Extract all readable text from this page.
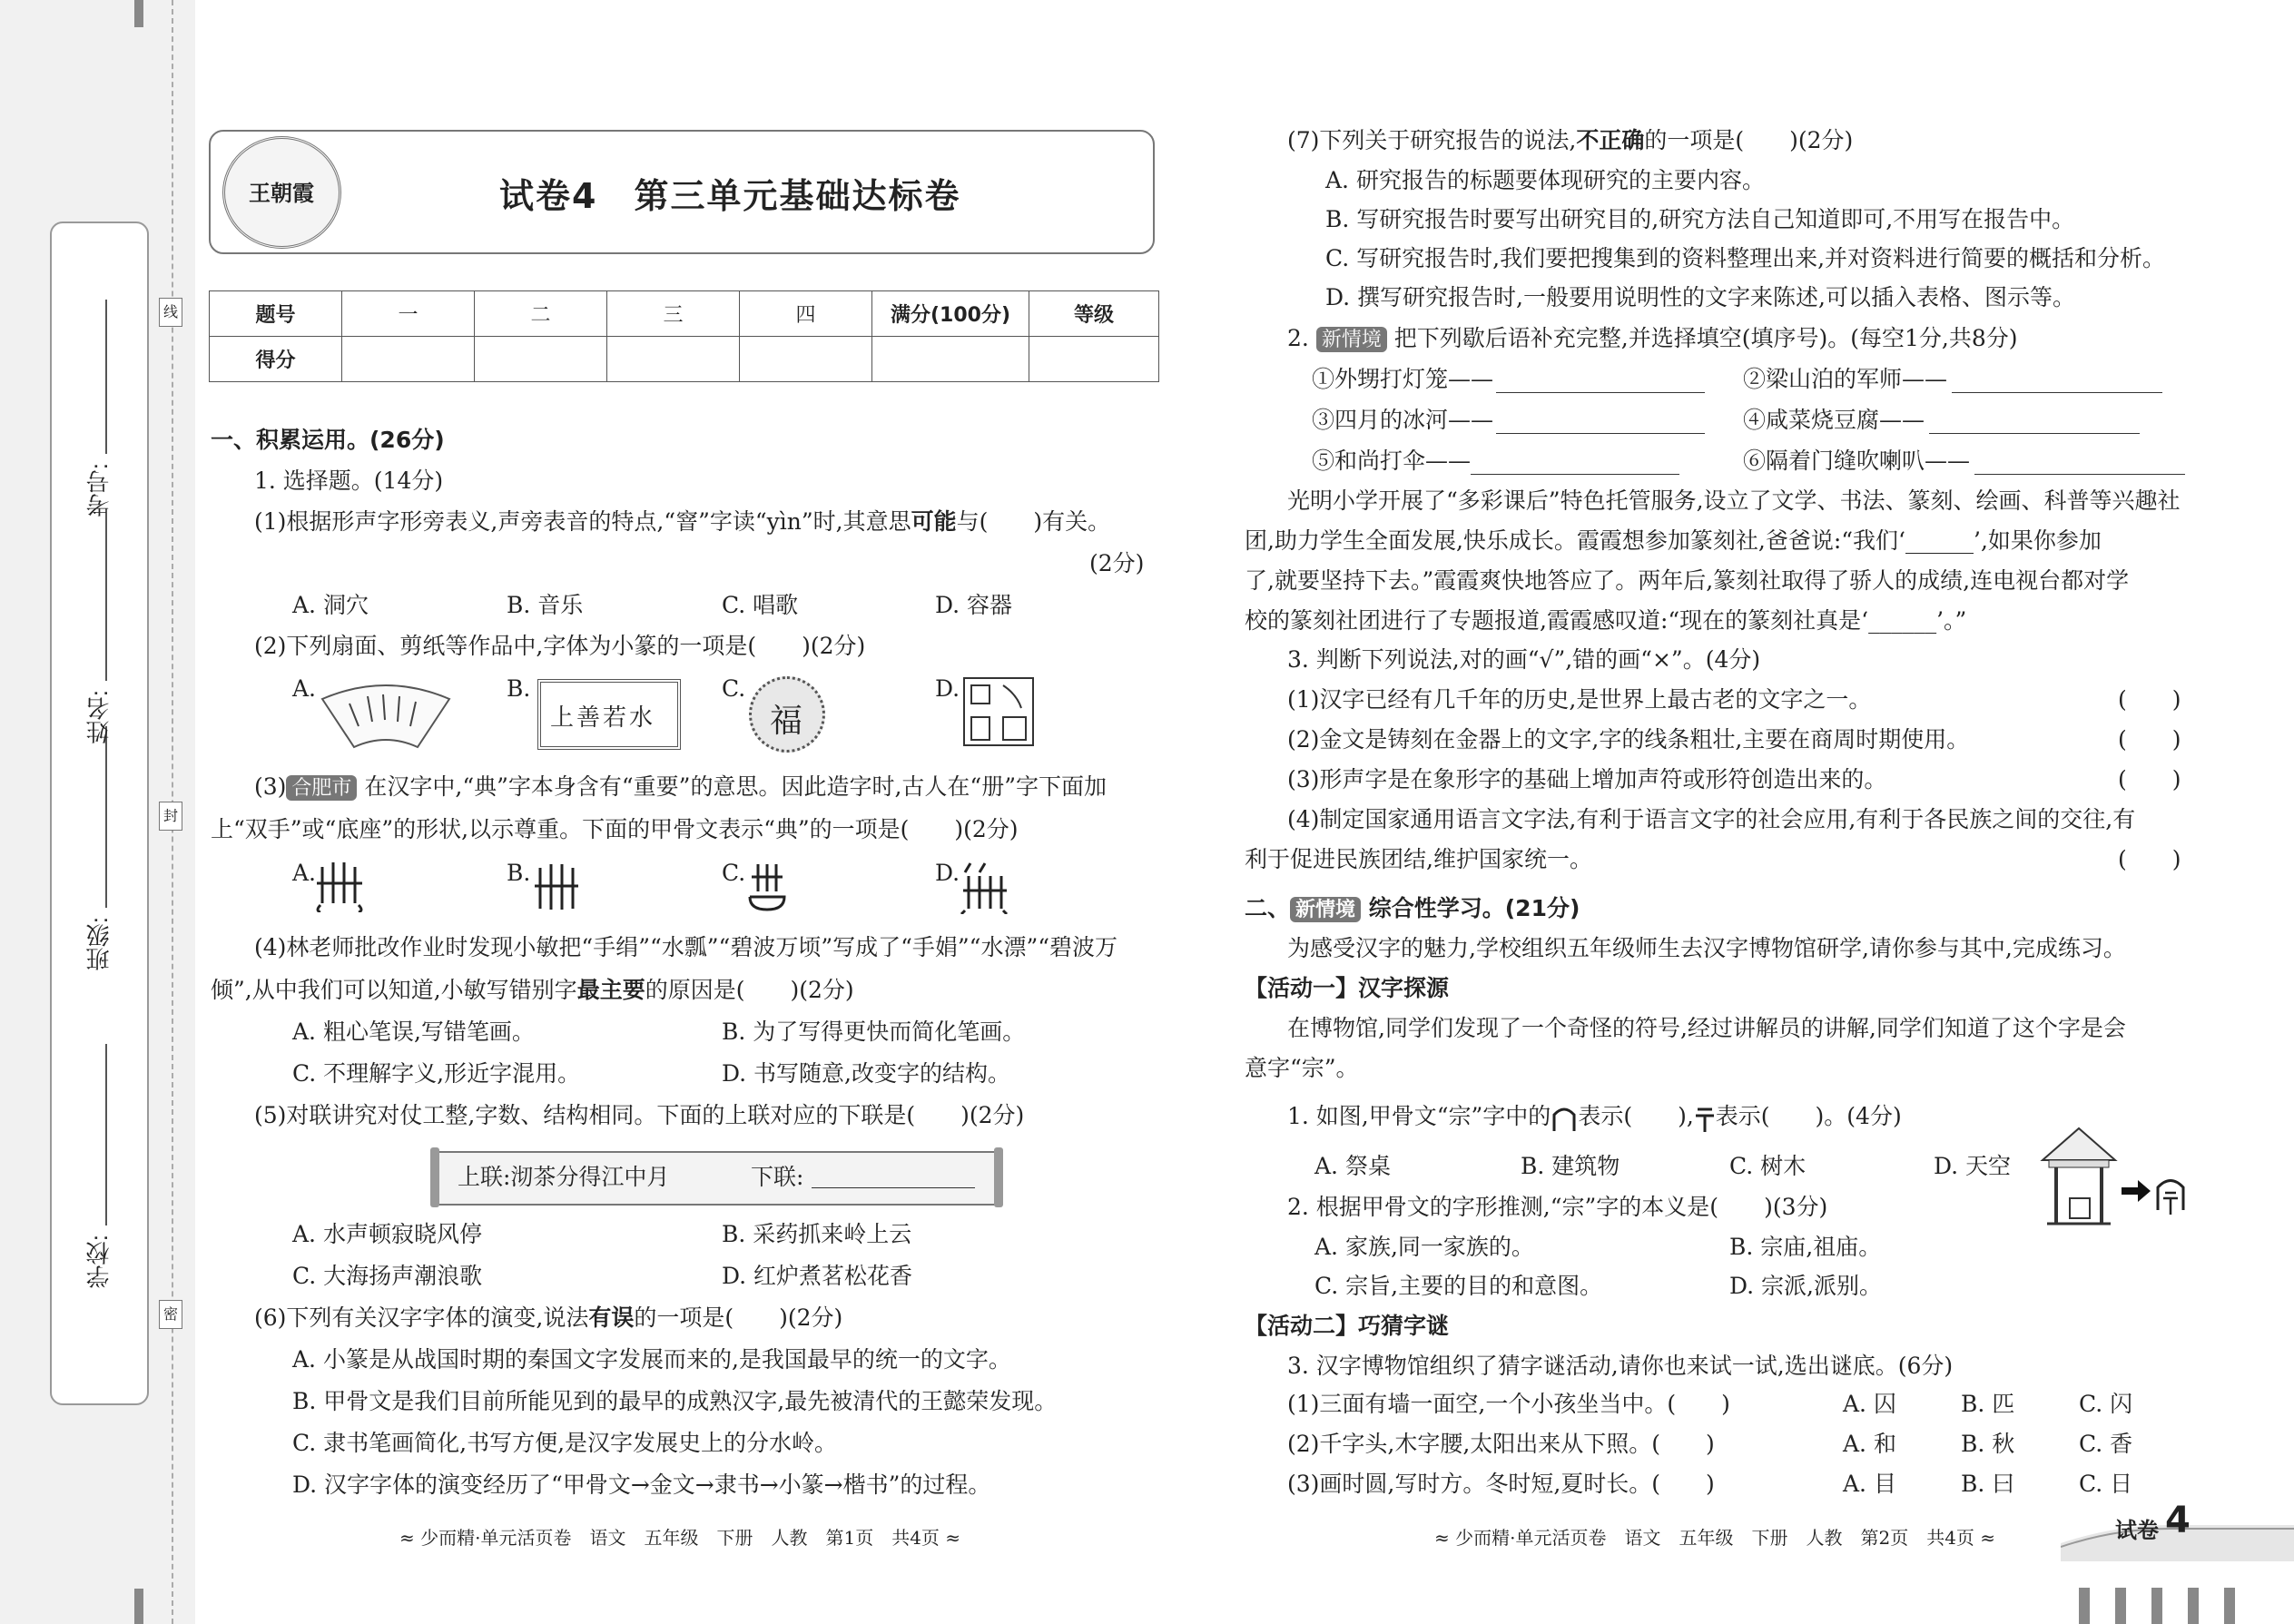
学校:
班级:
姓名:
考号:
线
封
密
王朝霞	试卷4　第三单元基础达标卷
题号	一	二	三	四	满分(100分)	等级
得分						
一、积累运用。(26分)
1. 选择题。(14分)
(1)根据形声字形旁表义,声旁表音的特点,“窨”字读“yìn”时,其意思可能与(　　)有关。
(2分)
A. 洞穴	B. 音乐	C. 唱歌	D. 容器
(2)下列扇面、剪纸等作品中,字体为小篆的一项是(　　)(2分)
A.	B.
上善若水
C.
福
D.
(3) 合肥市 在汉字中,“典”字本身含有“重要”的意思。因此造字时,古人在“册”字下面加
上“双手”或“底座”的形状,以示尊重。下面的甲骨文表示“典”的一项是(　　)(2分)
A.	B.	C.	D.
(4)林老师批改作业时发现小敏把“手绢”“水瓢”“碧波万顷”写成了“手娟”“水漂”“碧波万
倾”,从中我们可以知道,小敏写错别字最主要的原因是(　　)(2分)
A. 粗心笔误,写错笔画。	B. 为了写得更快而简化笔画。
C. 不理解字义,形近字混用。	D. 书写随意,改变字的结构。
(5)对联讲究对仗工整,字数、结构相同。下面的上联对应的下联是(　　)(2分)
上联:沏茶分得江中月	下联:
A. 水声顿寂晓风停	B. 采药抓来岭上云
C. 大海扬声潮浪歌	D. 红炉煮茗松花香
(6)下列有关汉字字体的演变,说法有误的一项是(　　)(2分)
A. 小篆是从战国时期的秦国文字发展而来的,是我国最早的统一的文字。
B. 甲骨文是我们目前所能见到的最早的成熟汉字,最先被清代的王懿荣发现。
C. 隶书笔画简化,书写方便,是汉字发展史上的分水岭。
D. 汉字字体的演变经历了“甲骨文→金文→隶书→小篆→楷书”的过程。
≈ 少而精·单元活页卷　语文　五年级　下册　人教　第1页　共4页 ≈
(7)下列关于研究报告的说法,不正确的一项是(　　)(2分)
A. 研究报告的标题要体现研究的主要内容。
B. 写研究报告时要写出研究目的,研究方法自己知道即可,不用写在报告中。
C. 写研究报告时,我们要把搜集到的资料整理出来,并对资料进行简要的概括和分析。
D. 撰写研究报告时,一般要用说明性的文字来陈述,可以插入表格、图示等。
2. 新情境 把下列歇后语补充完整,并选择填空(填序号)。(每空1分,共8分)
①外甥打灯笼——	②梁山泊的军师——
③四月的冰河——	④咸菜烧豆腐——
⑤和尚打伞——	⑥隔着门缝吹喇叭——
光明小学开展了“多彩课后”特色托管服务,设立了文学、书法、篆刻、绘画、科普等兴趣社
团,助力学生全面发展,快乐成长。霞霞想参加篆刻社,爸爸说:“我们‘______’,如果你参加
了,就要坚持下去。”霞霞爽快地答应了。两年后,篆刻社取得了骄人的成绩,连电视台都对学
校的篆刻社团进行了专题报道,霞霞感叹道:“现在的篆刻社真是‘______’。”
3. 判断下列说法,对的画“√”,错的画“×”。(4分)
(1)汉字已经有几千年的历史,是世界上最古老的文字之一。	(　　)
(2)金文是铸刻在金器上的文字,字的线条粗壮,主要在商周时期使用。	(　　)
(3)形声字是在象形字的基础上增加声符或形符创造出来的。	(　　)
(4)制定国家通用语言文字法,有利于语言文字的社会应用,有利于各民族之间的交往,有
利于促进民族团结,维护国家统一。	(　　)
二、 新情境 综合性学习。(21分)
为感受汉字的魅力,学校组织五年级师生去汉字博物馆研学,请你参与其中,完成练习。
【活动一】汉字探源
在博物馆,同学们发现了一个奇怪的符号,经过讲解员的讲解,同学们知道了这个字是会
意字“宗”。
1. 如图,甲骨文“宗”字中的 表示(　　), 表示(　　)。(4分)
A. 祭桌	B. 建筑物	C. 树木	D. 天空
2. 根据甲骨文的字形推测,“宗”字的本义是(　　)(3分)
A. 家族,同一家族的。	B. 宗庙,祖庙。
C. 宗旨,主要的目的和意图。	D. 宗派,派别。
【活动二】巧猜字谜
3. 汉字博物馆组织了猜字谜活动,请你也来试一试,选出谜底。(6分)
(1)三面有墙一面空,一个小孩坐当中。(　　)	A. 囚	B. 匹	C. 闪
(2)千字头,木字腰,太阳出来从下照。(　　)	A. 和	B. 秋	C. 香
(3)画时圆,写时方。冬时短,夏时长。(　　)	A. 目	B. 曰	C. 日
≈ 少而精·单元活页卷　语文　五年级　下册　人教　第2页　共4页 ≈	试卷 4
